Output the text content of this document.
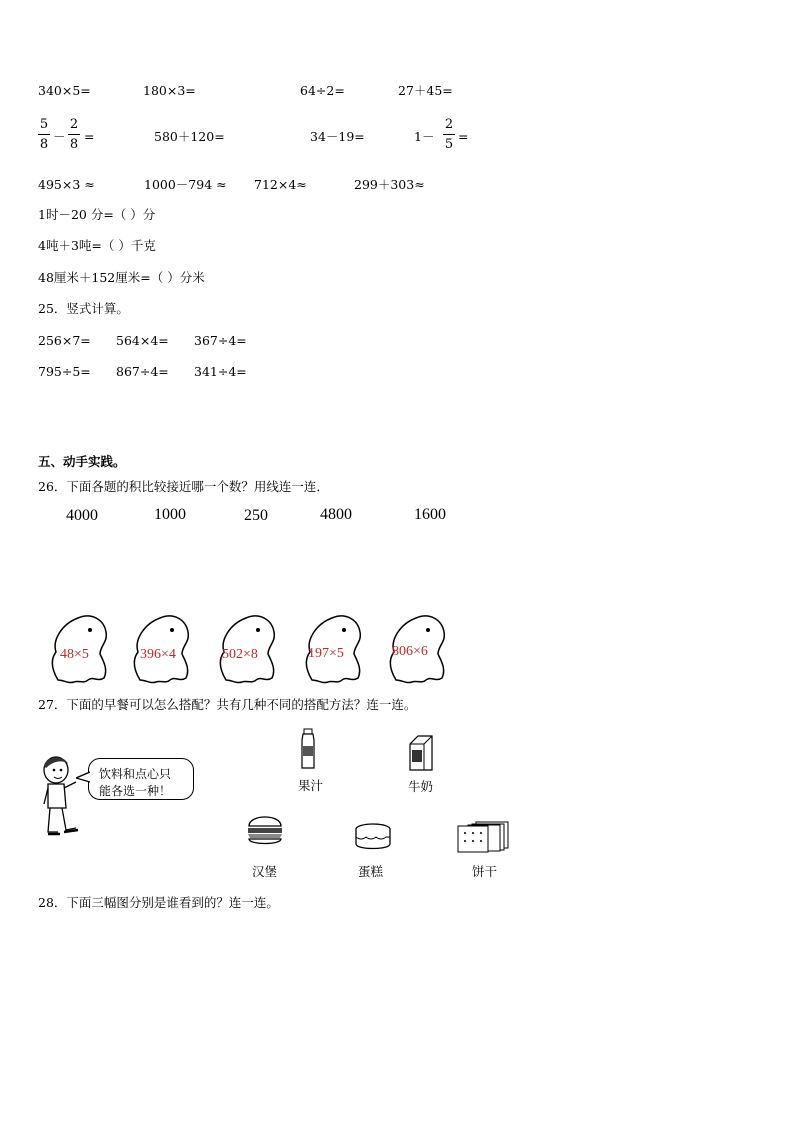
340×5=	180×3=	64÷2=	27＋45=
5
8
－
2
8
=	580＋120=	34－19=	1－
2
5
=
495×3 ≈	1000－794 ≈ 712×4≈	299＋303≈
1时－20 分=（ ）分
4吨＋3吨=（ ）千克
48厘米＋152厘米=（ ）分米
25．竖式计算。
256×7= 564×4= 367÷4=
795÷5= 867÷4= 341÷4=
五、动手实践。
26．下面各题的积比较接近哪一个数？用线连一连．
4000	1000	250	4800	1600
48×5	396×4	502×8	197×5	806×6
27．下面的早餐可以怎么搭配？共有几种不同的搭配方法？连一连。
饮料和点心只
能各选一种！	果汁	牛奶
汉堡	蛋糕	饼干
28．下面三幅图分别是谁看到的？连一连。
